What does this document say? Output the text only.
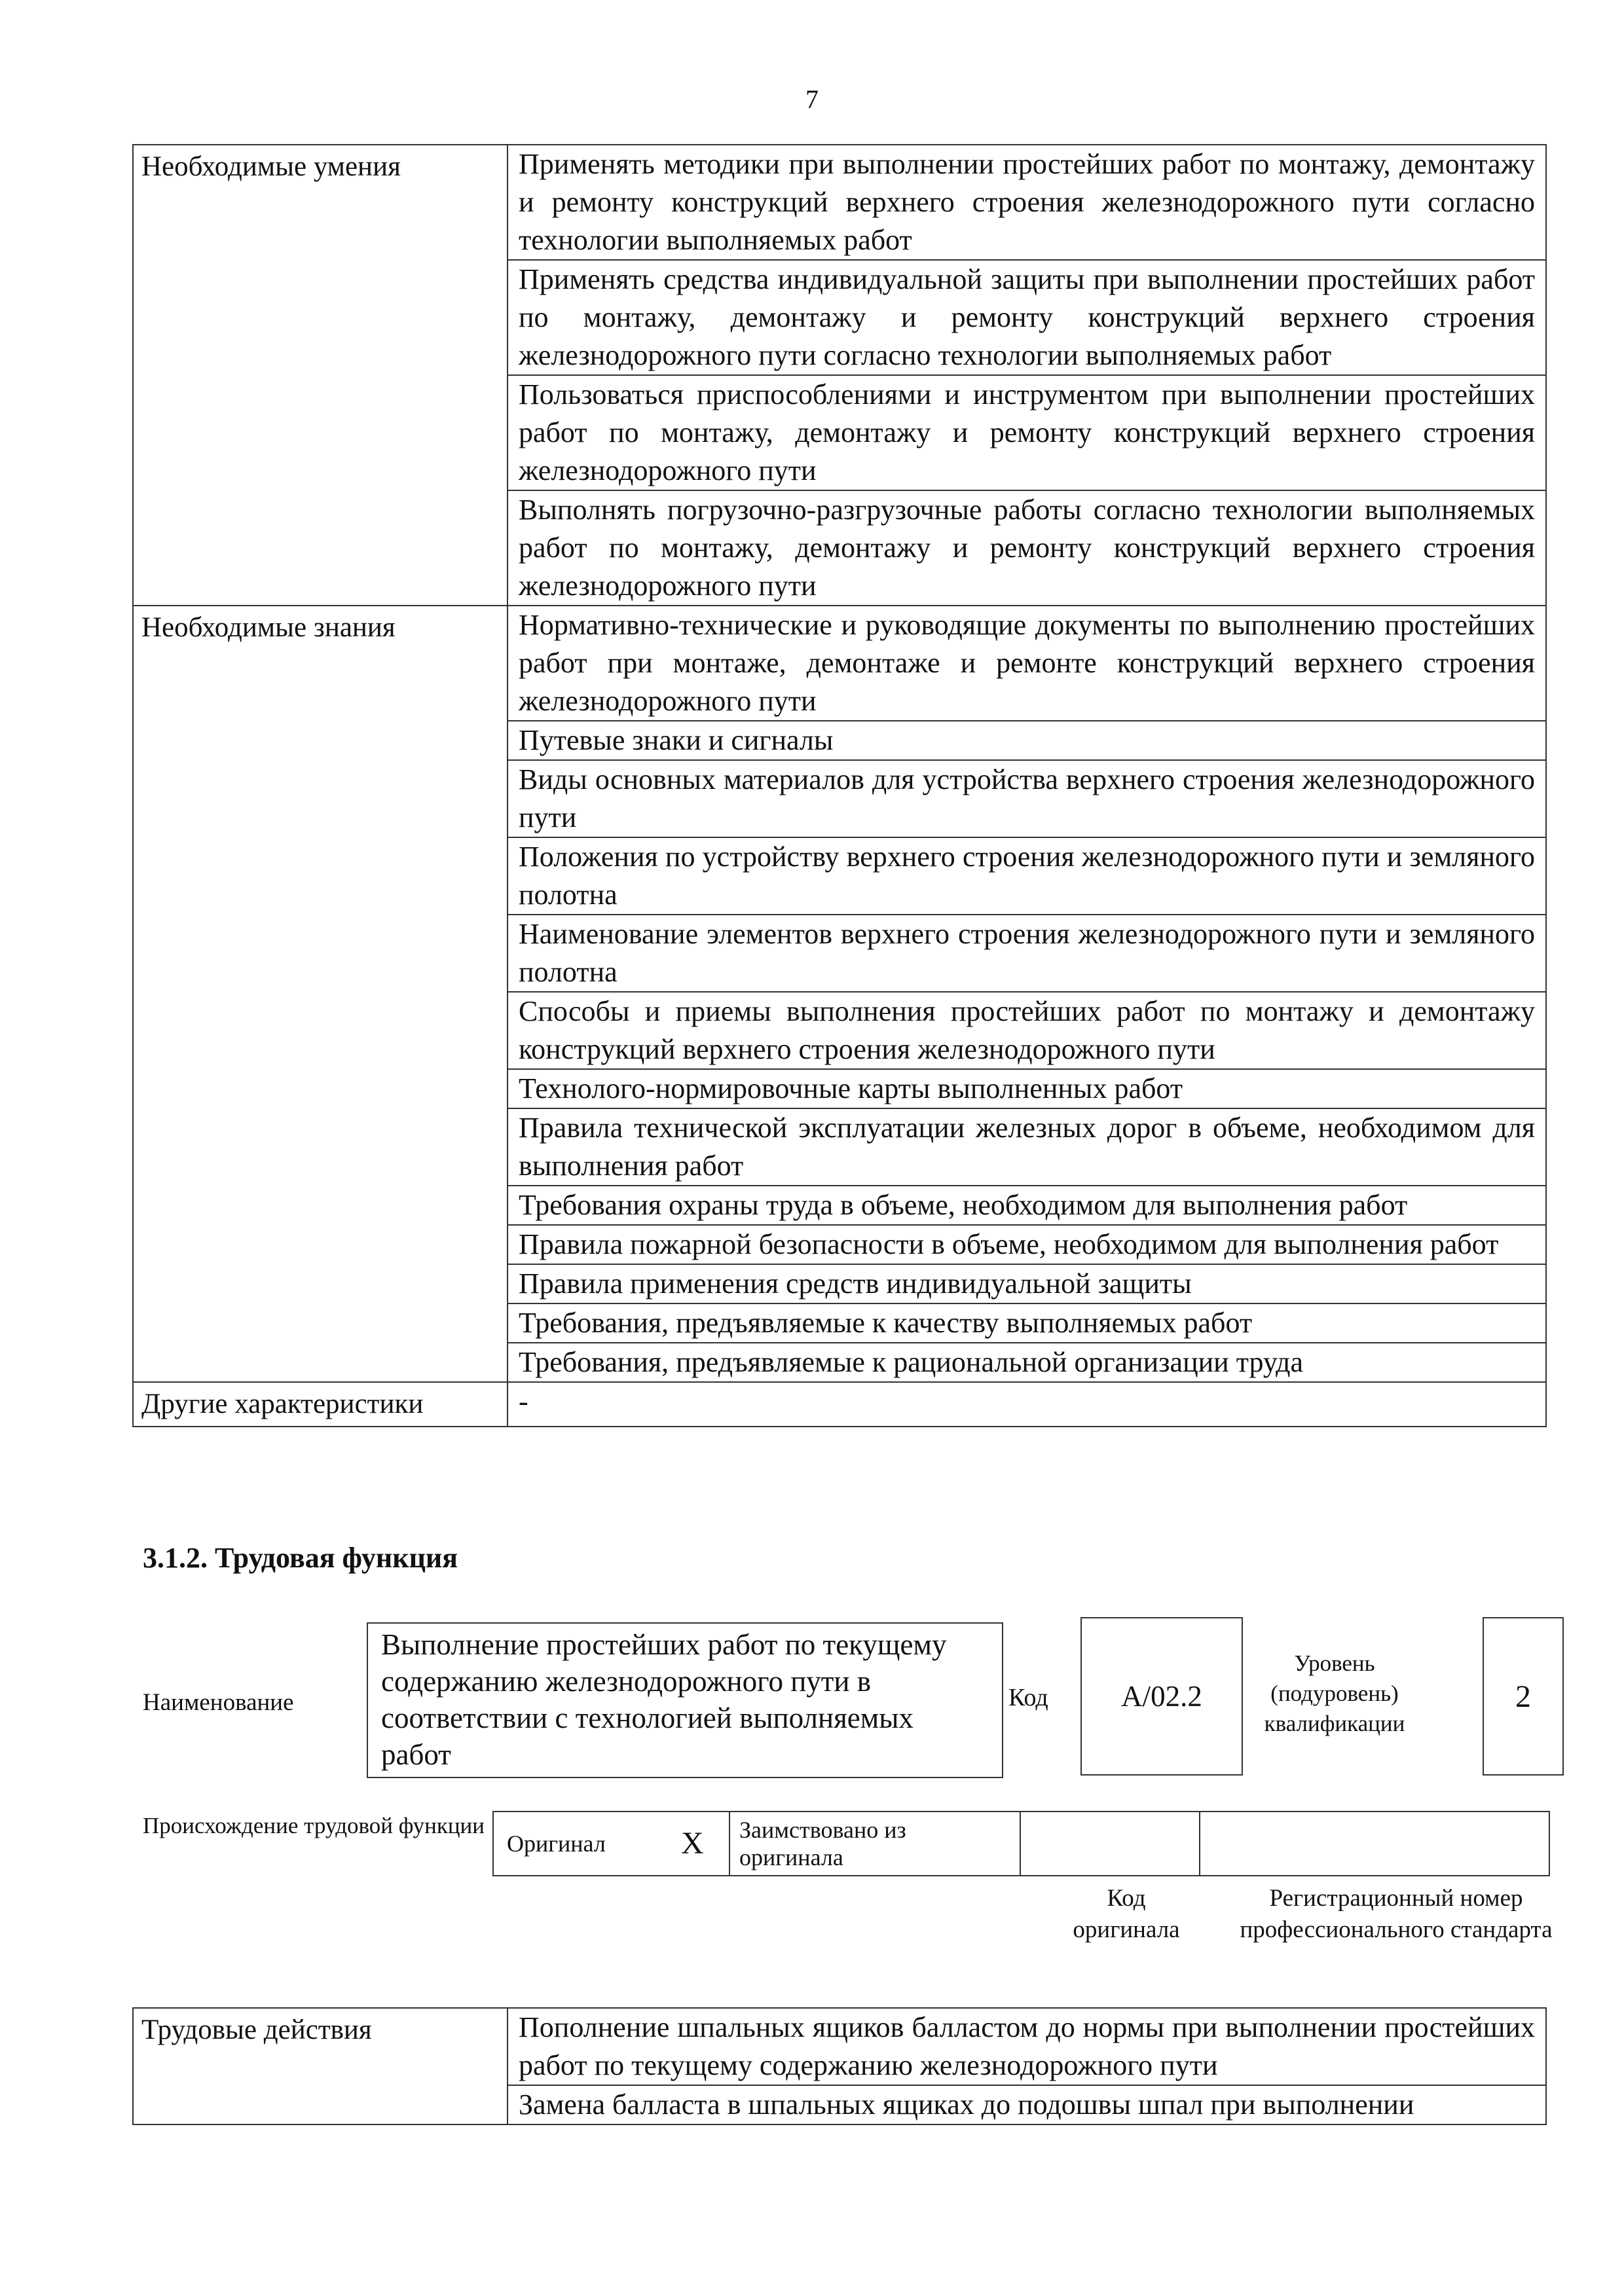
7
Необходимые умения	Применять методики при выполнении простейших работ по монтажу, демонтажу и ремонту конструкций верхнего строения железнодорожного пути согласно технологии выполняемых работ
	Применять средства индивидуальной защиты при выполнении простейших работ по монтажу, демонтажу и ремонту конструкций верхнего строения железнодорожного пути согласно технологии выполняемых работ
	Пользоваться приспособлениями и инструментом при выполнении простейших работ по монтажу, демонтажу и ремонту конструкций верхнего строения железнодорожного пути
	Выполнять погрузочно-разгрузочные работы согласно технологии выполняемых работ по монтажу, демонтажу и ремонту конструкций верхнего строения железнодорожного пути
Необходимые знания	Нормативно-технические и руководящие документы по выполнению простейших работ при монтаже, демонтаже и ремонте конструкций верхнего строения железнодорожного пути
	Путевые знаки и сигналы
	Виды основных материалов для устройства верхнего строения железнодорожного пути
	Положения по устройству верхнего строения железнодорожного пути и земляного полотна
	Наименование элементов верхнего строения железнодорожного пути и земляного полотна
	Способы и приемы выполнения простейших работ по монтажу и демонтажу конструкций верхнего строения железнодорожного пути
	Технолого-нормировочные карты выполненных работ
	Правила технической эксплуатации железных дорог в объеме, необходимом для выполнения работ
	Требования охраны труда в объеме, необходимом для выполнения работ
	Правила пожарной безопасности в объеме, необходимом для выполнения работ
	Правила применения средств индивидуальной защиты
	Требования, предъявляемые к качеству выполняемых работ
	Требования, предъявляемые к рациональной организации труда
Другие характеристики	-
3.1.2. Трудовая функция
Наименование
Выполнение простейших работ по текущему содержанию железнодорожного пути в соответствии с технологией выполняемых работ
Код	А/02.2
Уровень (подуровень) квалификации
2
Происхождение трудовой функции
Оригинал	X	Заимствовано из оригинала		
Код оригинала
Регистрационный номер профессионального стандарта
Трудовые действия	Пополнение шпальных ящиков балластом до нормы при выполнении простейших работ по текущему содержанию железнодорожного пути
Замена балласта в шпальных ящиках до подошвы шпал при выполнении
